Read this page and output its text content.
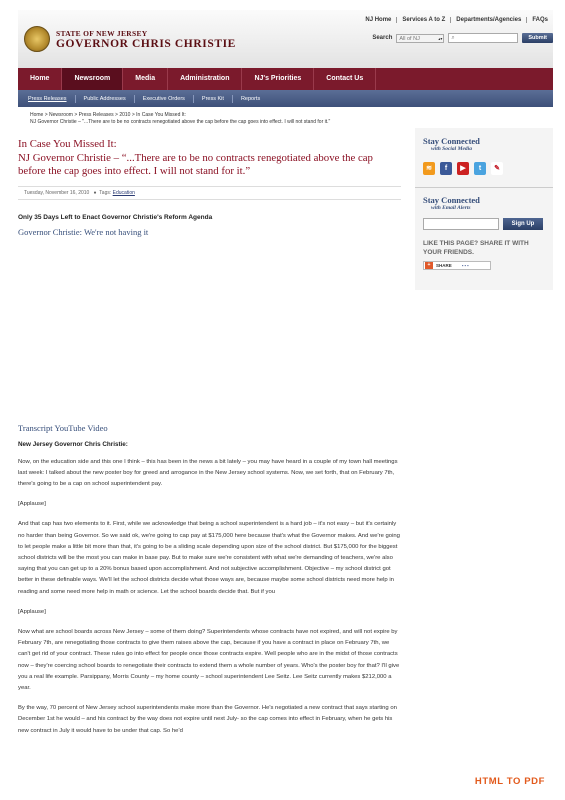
STATE OF NEW JERSEY
GOVERNOR CHRIS CHRISTIE
NJ Home	Services A to Z	Departments/Agencies	FAQs
Search	All of NJ ▴▾	⌕	Submit
Home	Newsroom	Media	Administration	NJ's Priorities	Contact Us
Press Releases	Public Addresses	Executive Orders	Press Kit	Reports
Home > Newsroom > Press Releases > 2010 > In Case You Missed It:
NJ Governor Christie – "...There are to be no contracts renegotiated above the cap before the cap goes into effect. I will not stand for it."
In Case You Missed It:
NJ Governor Christie – “...There are to be no contracts renegotiated above the cap before the cap goes into effect. I will not stand for it.”
Tuesday, November 16, 2010   ●  Tags: Education
Only 35 Days Left to Enact Governor Christie's Reform Agenda
Governor Christie: We're not having it
Transcript YouTube Video
New Jersey Governor Chris Christie:
Now, on the education side and this one I think – this has been in the news a bit lately – you may have heard in a couple of my town hall meetings last week: I talked about the new poster boy for greed and arrogance in the New Jersey school systems. Now, we set forth, that on February 7th, there's going to be a cap on school superintendent pay.
[Applause]
And that cap has two elements to it. First, while we acknowledge that being a school superintendent is a hard job – it's not easy – but it's certainly no harder than being Governor. So we said ok, we're going to cap pay at $175,000 here because that's what the Governor makes. And we're going to let people make a little bit more than that, it's going to be a sliding scale depending upon size of the school district. But $175,000 for the biggest school districts will be the most you can make in base pay. But to make sure we're consistent with what we're demanding of teachers, we're also saying that you can get up to a 20% bonus based upon accomplishment. And not subjective accomplishment. Objective – my school district got better in these definable ways. We'll let the school districts decide what those ways are, because maybe some school districts need more help in reading and some need more help in math or science. Let the school boards decide that. But if you
[Applause]
Now what are school boards across New Jersey – some of them doing? Superintendents whose contracts have not expired, and will not expire by February 7th, are renegotiating those contracts to give them raises above the cap, because if you have a contract in place on February 7th, we can't get rid of your contract. These rules go into effect for people once those contracts expire. Well people who are in the midst of those contracts now – they're coercing school boards to renegotiate their contracts to extend them a whole number of years. Who's the poster boy for that? I'll give you a real life example. Parsippany, Morris County – my home county – school superintendent Lee Seitz. Lee Seitz currently makes $212,000 a year.
By the way, 70 percent of New Jersey school superintendents make more than the Governor. He's negotiated a new contract that says starting on December 1st he would – and his contract by the way does not expire until next July- so the cap comes into effect in February, when he gets his new contract in July it would have to be under that cap. So he'd
Stay Connected
with Social Media
≋	f	▶	t	✎
Stay Connected
with Email Alerts
Sign Up
LIKE THIS PAGE? SHARE IT WITH YOUR FRIENDS.
+	SHARE ▪▪▪
HTML TO PDF
